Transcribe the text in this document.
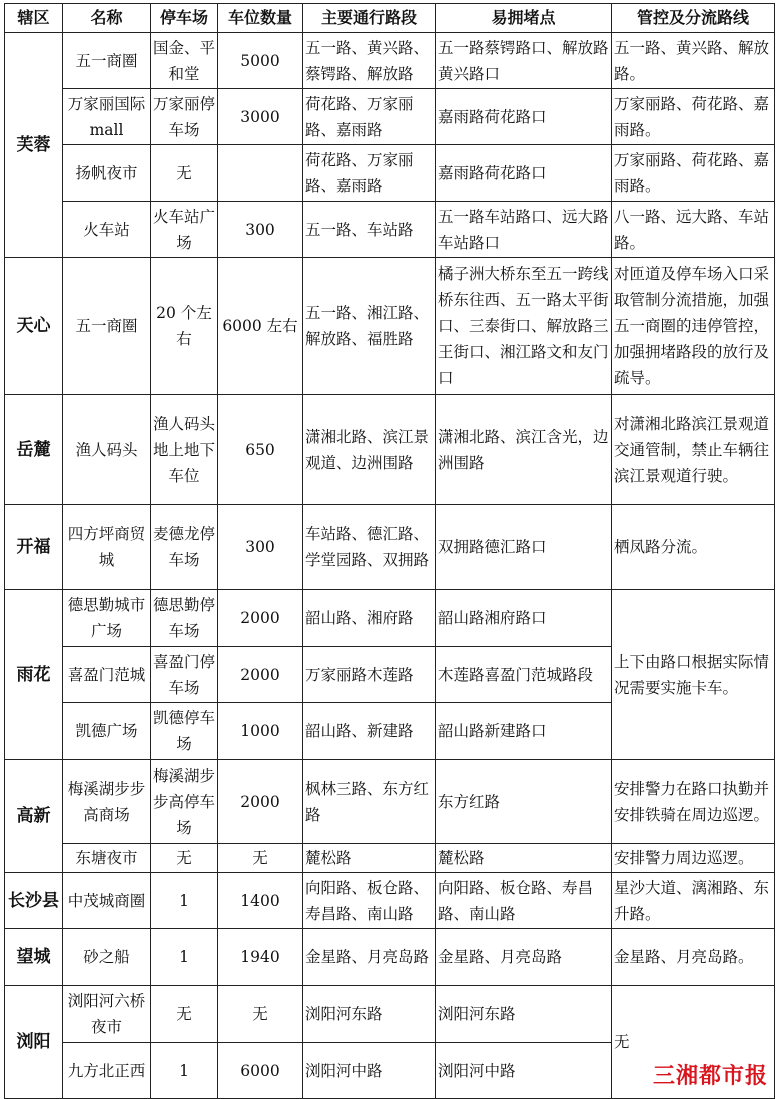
辖区	名称	停车场	车位数量	主要通行路段	易拥堵点	管控及分流路线
芙蓉	五一商圈	国金、平和堂	5000	五一路、黄兴路、蔡锷路、解放路	五一路蔡锷路口、解放路黄兴路口	五一路、黄兴路、解放路。
	万家丽国际 mall	万家丽停车场	3000	荷花路、万家丽路、嘉雨路	嘉雨路荷花路口	万家丽路、荷花路、嘉雨路。
	扬帆夜市	无		荷花路、万家丽路、嘉雨路	嘉雨路荷花路口	万家丽路、荷花路、嘉雨路。
	火车站	火车站广场	300	五一路、车站路	五一路车站路口、远大路车站路口	八一路、远大路、车站路。
天心	五一商圈	20 个左右	6000 左右	五一路、湘江路、解放路、福胜路	橘子洲大桥东至五一跨线桥东往西、五一路太平街口、三泰街口、解放路三王街口、湘江路文和友门口	对匝道及停车场入口采取管制分流措施，加强五一商圈的违停管控，加强拥堵路段的放行及疏导。
岳麓	渔人码头	渔人码头地上地下车位	650	潇湘北路、滨江景观道、边洲围路	潇湘北路、滨江含光，边洲围路	对潇湘北路滨江景观道交通管制，禁止车辆往滨江景观道行驶。
开福	四方坪商贸城	麦德龙停车场	300	车站路、德汇路、学堂园路、双拥路	双拥路德汇路口	栖凤路分流。
雨花	德思勤城市广场	德思勤停车场	2000	韶山路、湘府路	韶山路湘府路口	上下由路口根据实际情况需要实施卡车。
	喜盈门范城	喜盈门停车场	2000	万家丽路木莲路	木莲路喜盈门范城路段	
	凯德广场	凯德停车场	1000	韶山路、新建路	韶山路新建路口	
高新	梅溪湖步步高商场	梅溪湖步步高停车场	2000	枫林三路、东方红路	东方红路	安排警力在路口执勤并安排铁骑在周边巡逻。
	东塘夜市	无	无	麓松路	麓松路	安排警力周边巡逻。
长沙县	中茂城商圈	1	1400	向阳路、板仓路、寿昌路、南山路	向阳路、板仓路、寿昌路、南山路	星沙大道、漓湘路、东升路。
望城	砂之船	1	1940	金星路、月亮岛路	金星路、月亮岛路	金星路、月亮岛路。
浏阳	浏阳河六桥夜市	无	无	浏阳河东路	浏阳河东路	无
	九方北正西	1	6000	浏阳河中路	浏阳河中路		三湘都市报
